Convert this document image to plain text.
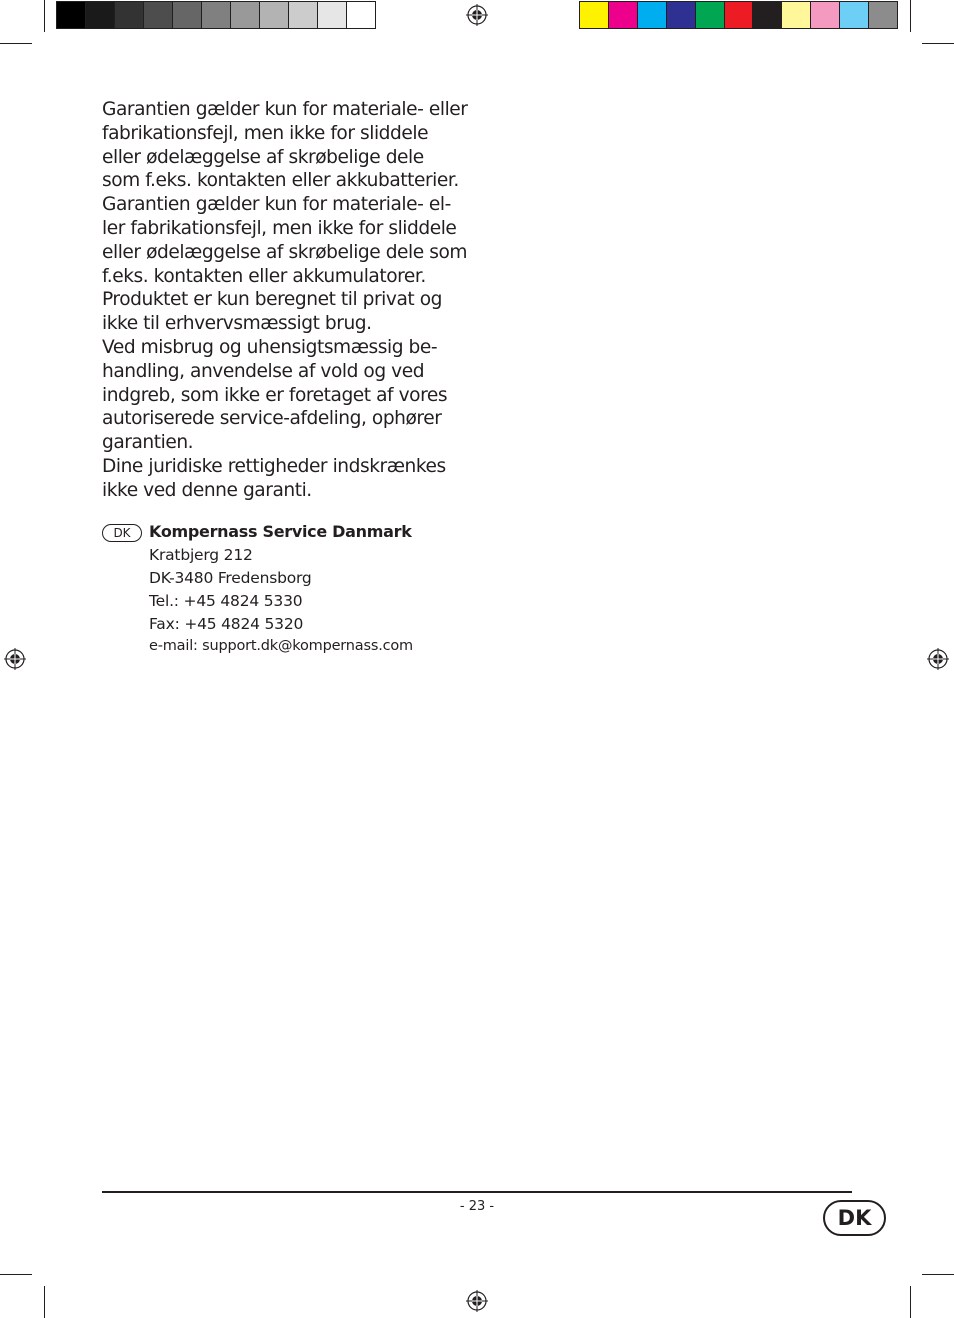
Garantien gælder kun for materiale- eller
fabrikationsfejl, men ikke for sliddele
eller ødelæggelse af skrøbelige dele
som f.eks. kontakten eller akkubatterier.

Garantien gælder kun for materiale- el-
ler fabrikationsfejl, men ikke for sliddele
eller ødelæggelse af skrøbelige dele som
f.eks. kontakten eller akkumulatorer.

Produktet er kun beregnet til privat og
ikke til erhvervsmæssigt brug.

Ved misbrug og uhensigtsmæssig be-
handling, anvendelse af vold og ved
indgreb, som ikke er foretaget af vores
autoriserede service-afdeling, ophører
garantien.

Dine juridiske rettigheder indskrænkes
ikke ved denne garanti.

DK	Kompernass Service Danmark
Kratbjerg 212
DK-3480 Fredensborg
Tel.: +45 4824 5330
Fax: +45 4824 5320
e-mail: support.dk@kompernass.com
- 23 -	DK
